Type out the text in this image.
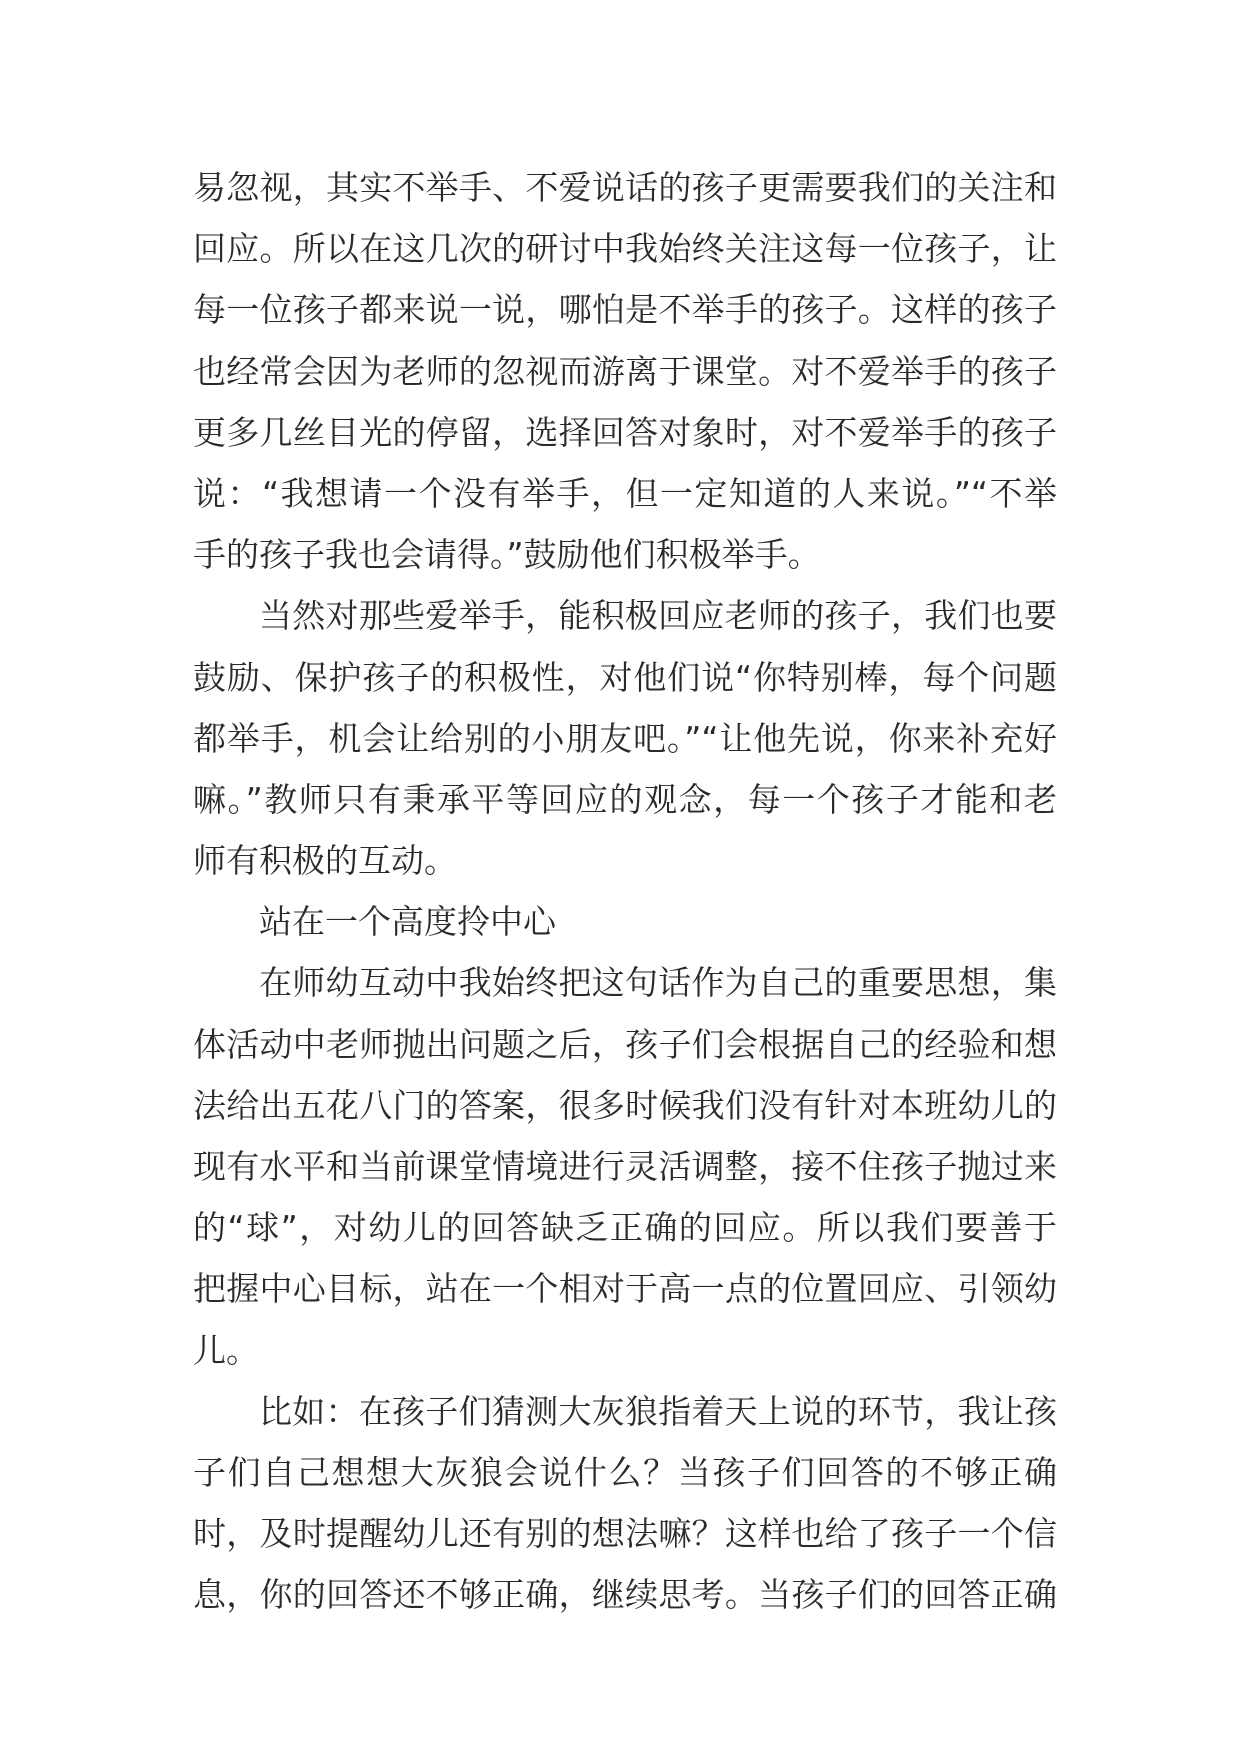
易忽视，其实不举手、不爱说话的孩子更需要我们的关注和
回应。所以在这几次的研讨中我始终关注这每一位孩子，让
每一位孩子都来说一说，哪怕是不举手的孩子。这样的孩子
也经常会因为老师的忽视而游离于课堂。对不爱举手的孩子
更多几丝目光的停留，选择回答对象时，对不爱举手的孩子
说：“我想请一个没有举手，但一定知道的人来说。”“不举
手的孩子我也会请得。”鼓励他们积极举手。
当然对那些爱举手，能积极回应老师的孩子，我们也要
鼓励、保护孩子的积极性，对他们说“你特别棒，每个问题
都举手，机会让给别的小朋友吧。”“让他先说，你来补充好
嘛。”教师只有秉承平等回应的观念，每一个孩子才能和老
师有积极的互动。
站在一个高度拎中心
在师幼互动中我始终把这句话作为自己的重要思想，集
体活动中老师抛出问题之后，孩子们会根据自己的经验和想
法给出五花八门的答案，很多时候我们没有针对本班幼儿的
现有水平和当前课堂情境进行灵活调整，接不住孩子抛过来
的“球”，对幼儿的回答缺乏正确的回应。所以我们要善于
把握中心目标，站在一个相对于高一点的位置回应、引领幼
儿。
比如：在孩子们猜测大灰狼指着天上说的环节，我让孩
子们自己想想大灰狼会说什么？当孩子们回答的不够正确
时，及时提醒幼儿还有别的想法嘛？这样也给了孩子一个信
息，你的回答还不够正确，继续思考。当孩子们的回答正确
